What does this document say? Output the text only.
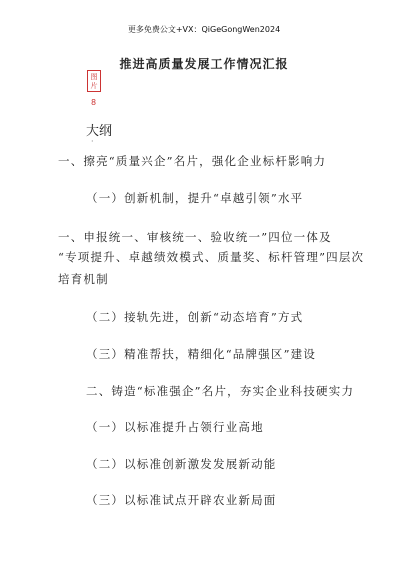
更多免费公文+VX：QiGeGongWen2024
推进高质量发展工作情况汇报
图片
8
大纲
·
一、擦亮“质量兴企”名片，强化企业标杆影响力
（一）创新机制，提升“卓越引领”水平
一、申报统一、审核统一、验收统一”四位一体及
“专项提升、卓越绩效模式、质量奖、标杆管理”四层次
培育机制
（二）接轨先进，创新“动态培育”方式
（三）精准帮扶，精细化“品牌强区”建设
二、铸造“标准强企”名片，夯实企业科技硬实力
（一）以标准提升占领行业高地
（二）以标准创新激发发展新动能
（三）以标准试点开辟农业新局面
